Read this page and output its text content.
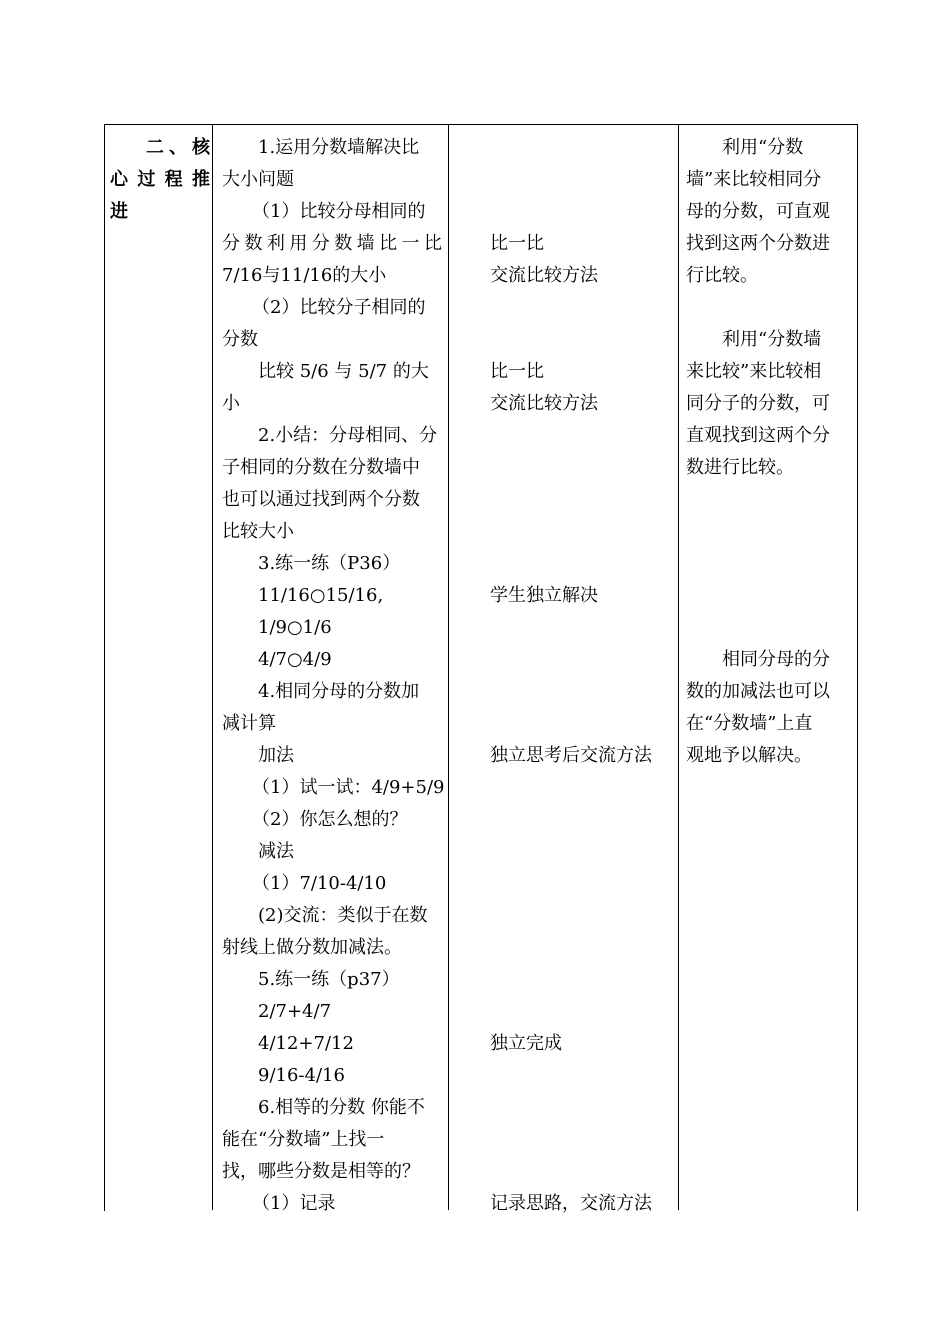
二、核
心过程推
进
1.运用分数墙解决比
大小问题
（1）比较分母相同的
分数利用分数墙比一比
7/16与11/16的大小
（2）比较分子相同的
分数
比较 5/6 与 5/7 的大
小
2.小结：分母相同、分
子相同的分数在分数墙中
也可以通过找到两个分数
比较大小
3.练一练（P36）
11/16○15/16,
1/9○1/6
4/7○4/9
4.相同分母的分数加
减计算
加法
（1）试一试：4/9+5/9
（2）你怎么想的？
减法
（1）7/10-4/10
(2)交流：类似于在数
射线上做分数加减法。
5.练一练（p37）
2/7+4/7
4/12+7/12
9/16-4/16
6.相等的分数 你能不
能在“分数墙”上找一
找，哪些分数是相等的？
（1）记录
比一比
交流比较方法
比一比
交流比较方法
学生独立解决
独立思考后交流方法
独立完成
记录思路，交流方法
利用“分数
墙”来比较相同分
母的分数，可直观
找到这两个分数进
行比较。
利用“分数墙
来比较”来比较相
同分子的分数，可
直观找到这两个分
数进行比较。
相同分母的分
数的加减法也可以
在“分数墙”上直
观地予以解决。
